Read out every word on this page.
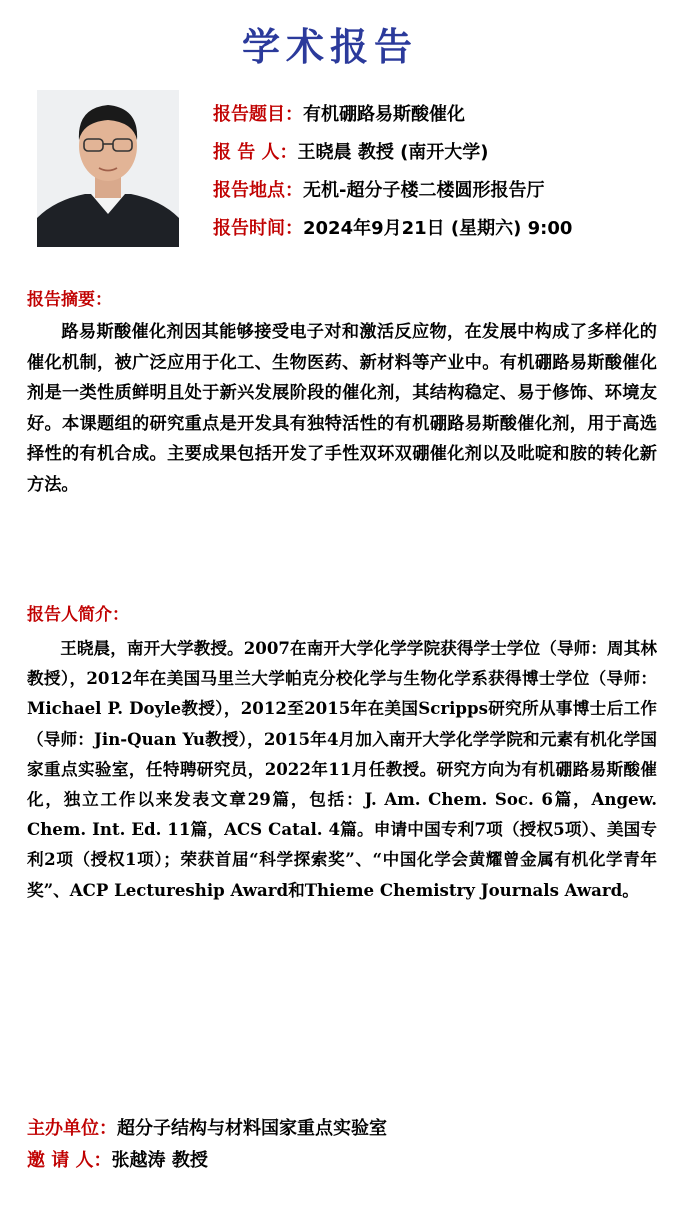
学术报告
报告题目：有机硼路易斯酸催化
报 告 人：王晓晨 教授 (南开大学)
报告地点：无机-超分子楼二楼圆形报告厅
报告时间：2024年9月21日 (星期六) 9:00
报告摘要：

路易斯酸催化剂因其能够接受电子对和激活反应物，在发展中构成了多样化的催化机制，被广泛应用于化工、生物医药、新材料等产业中。有机硼路易斯酸催化剂是一类性质鲜明且处于新兴发展阶段的催化剂，其结构稳定、易于修饰、环境友好。本课题组的研究重点是开发具有独特活性的有机硼路易斯酸催化剂，用于高选择性的有机合成。主要成果包括开发了手性双环双硼催化剂以及吡啶和胺的转化新方法。

报告人简介：

王晓晨，南开大学教授。2007在南开大学化学学院获得学士学位（导师：周其林教授），2012年在美国马里兰大学帕克分校化学与生物化学系获得博士学位（导师：Michael P. Doyle教授），2012至2015年在美国Scripps研究所从事博士后工作（导师：Jin-Quan Yu教授），2015年4月加入南开大学化学学院和元素有机化学国家重点实验室，任特聘研究员，2022年11月任教授。研究方向为有机硼路易斯酸催化，独立工作以来发表文章29篇，包括：J. Am. Chem. Soc. 6篇，Angew. Chem. Int. Ed. 11篇，ACS Catal. 4篇。申请中国专利7项（授权5项）、美国专利2项（授权1项）；荣获首届“科学探索奖”、“中国化学会黄耀曾金属有机化学青年奖”、ACP Lectureship Award和Thieme Chemistry Journals Award。

主办单位：超分子结构与材料国家重点实验室
邀 请 人：张越涛 教授
